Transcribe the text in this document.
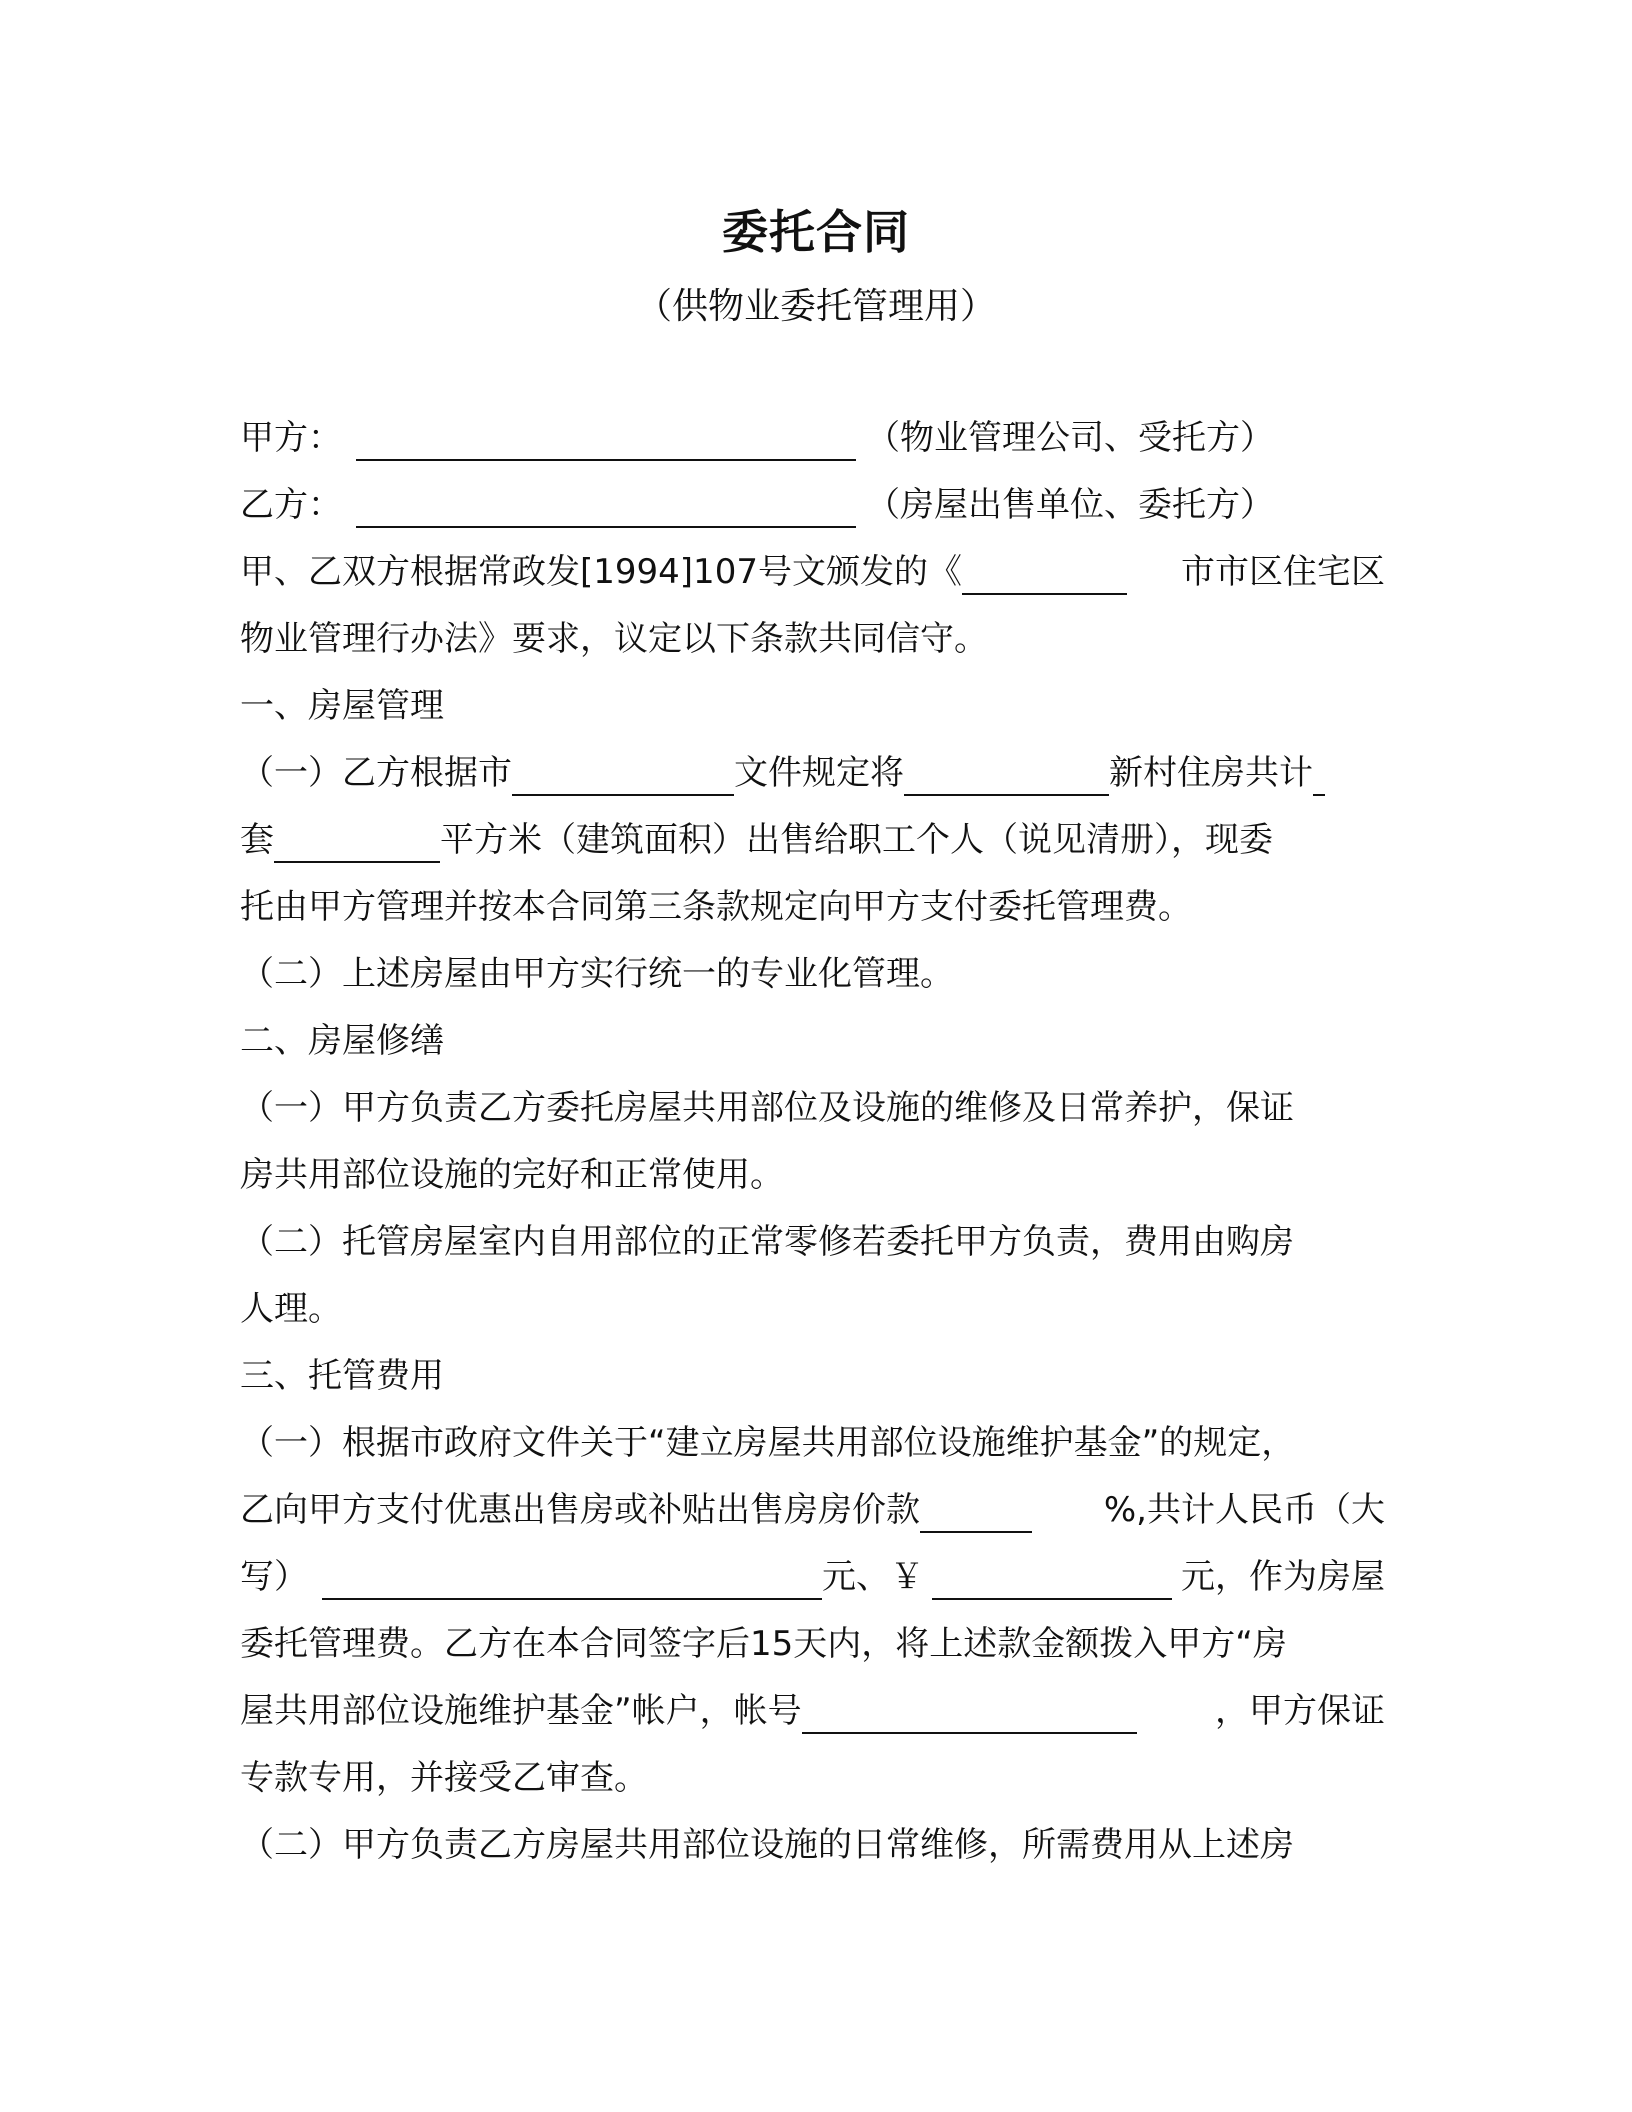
委托合同
（供物业委托管理用）
甲方：	（物业管理公司、受托方）
乙方：	（房屋出售单位、委托方）
甲、乙双方根据常政发[1994]107号文颁发的《	市市区住宅区
物业管理行办法》要求，议定以下条款共同信守。
一、房屋管理
（一）乙方根据市	文件规定将	新村住房共计
套	平方米（建筑面积）出售给职工个人（说见清册），现委
托由甲方管理并按本合同第三条款规定向甲方支付委托管理费。
（二）上述房屋由甲方实行统一的专业化管理。
二、房屋修缮
（一）甲方负责乙方委托房屋共用部位及设施的维修及日常养护，保证
房共用部位设施的完好和正常使用。
（二）托管房屋室内自用部位的正常零修若委托甲方负责，费用由购房
人理。
三、托管费用
（一）根据市政府文件关于“建立房屋共用部位设施维护基金”的规定，
乙向甲方支付优惠出售房或补贴出售房房价款	%,共计人民币（大
写）	元、￥	元，作为房屋
委托管理费。乙方在本合同签字后15天内，将上述款金额拨入甲方“房
屋共用部位设施维护基金”帐户，帐号	，甲方保证
专款专用，并接受乙审查。
（二）甲方负责乙方房屋共用部位设施的日常维修，所需费用从上述房
